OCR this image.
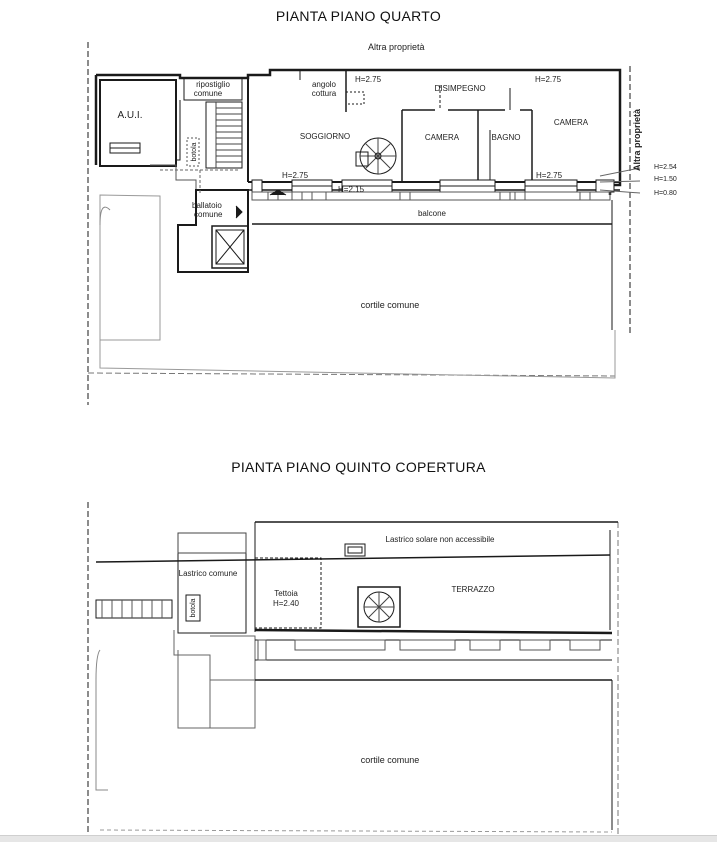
PIANTA PIANO QUARTO
PIANTA PIANO QUINTO COPERTURA
Altra proprietà
Altra proprietà
A.U.I.
ripostiglio
comune
angolo
cottura
H=2.75
DISIMPEGNO
H=2.75
SOGGIORNO	CAMERA	BAGNO
CAMERA
botola
H=2.75	H=2.75
H=2.15
H=2.54
H=1.50
H=0.80
ballatoio
comune	balcone
cortile comune
Lastrico solare non accessibile
Lastrico comune
botola
Tettoia
H=2.40
TERRAZZO
cortile comune
